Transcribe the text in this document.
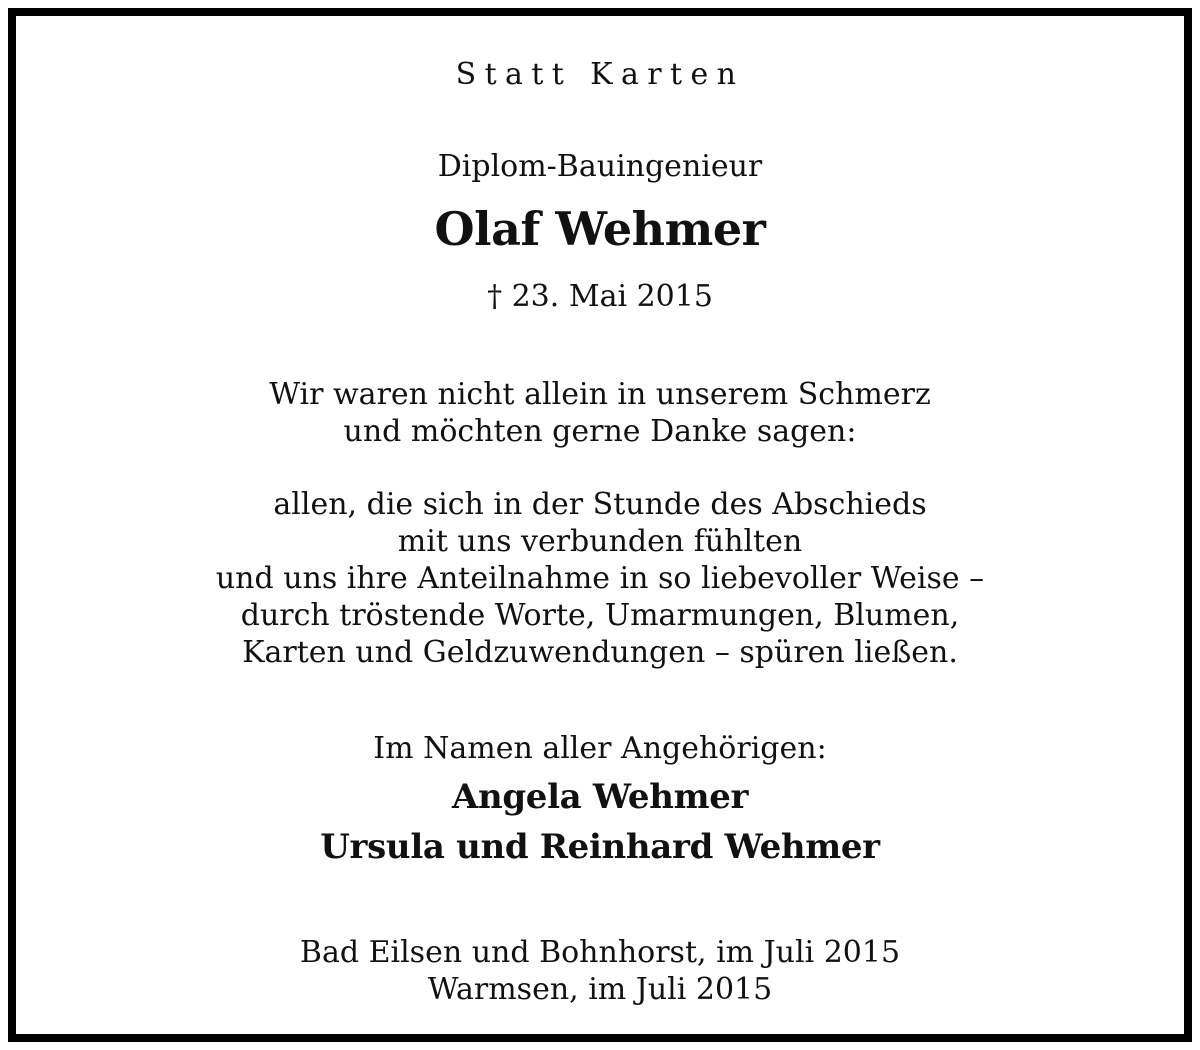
Statt Karten

Diplom-Bauingenieur

Olaf Wehmer

† 23. Mai 2015

Wir waren nicht allein in unserem Schmerz
und möchten gerne Danke sagen:
allen, die sich in der Stunde des Abschieds
mit uns verbunden fühlten
und uns ihre Anteilnahme in so liebevoller Weise –
durch tröstende Worte, Umarmungen, Blumen,
Karten und Geldzuwendungen – spüren ließen.

Im Namen aller Angehörigen:

Angela Wehmer

Ursula und Reinhard Wehmer

Bad Eilsen und Bohnhorst, im Juli 2015
Warmsen, im Juli 2015
